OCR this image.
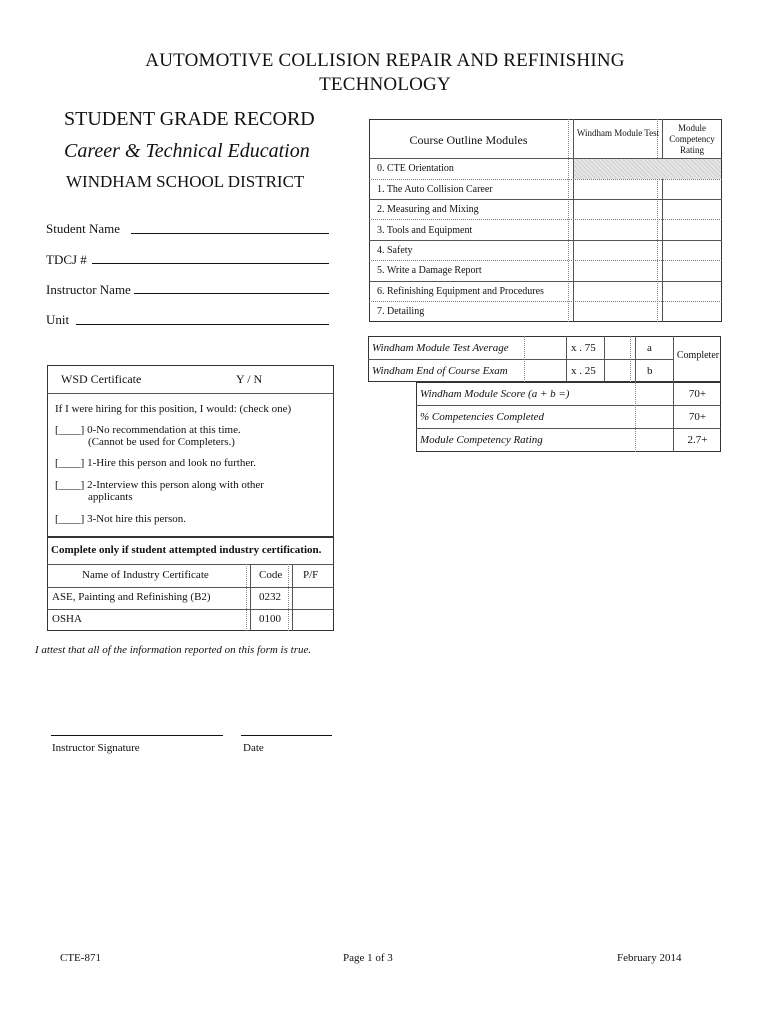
AUTOMOTIVE COLLISION REPAIR AND REFINISHING
TECHNOLOGY
STUDENT GRADE RECORD
Career & Technical Education
WINDHAM SCHOOL DISTRICT
Student Name
TDCJ #
Instructor Name
Unit
Course Outline Modules	Windham Module Test	Module Competency Rating
0. CTE Orientation
1. The Auto Collision Career
2. Measuring and Mixing
3. Tools and Equipment
4. Safety
5. Write a Damage Report
6. Refinishing Equipment and Procedures
7. Detailing
Windham Module Test Average	x . 75	a
Windham End of Course Exam	x . 25	b
Completer
Windham Module Score (a + b =)	70+
% Competencies Completed	70+
Module Competency Rating	2.7+
WSD Certificate	Y / N
If I were hiring for this position, I would: (check one)
[____] 0-No recommendation at this time.
(Cannot be used for Completers.)
[____] 1-Hire this person and look no further.
[____] 2-Interview this person along with other
applicants
[____] 3-Not hire this person.
Complete only if student attempted industry certification.
Name of Industry Certificate	Code P/F
ASE, Painting and Refinishing (B2)	0232
OSHA	0100
I attest that all of the information reported on this form is true.
Instructor Signature	Date
CTE-871	Page 1 of 3	February 2014
